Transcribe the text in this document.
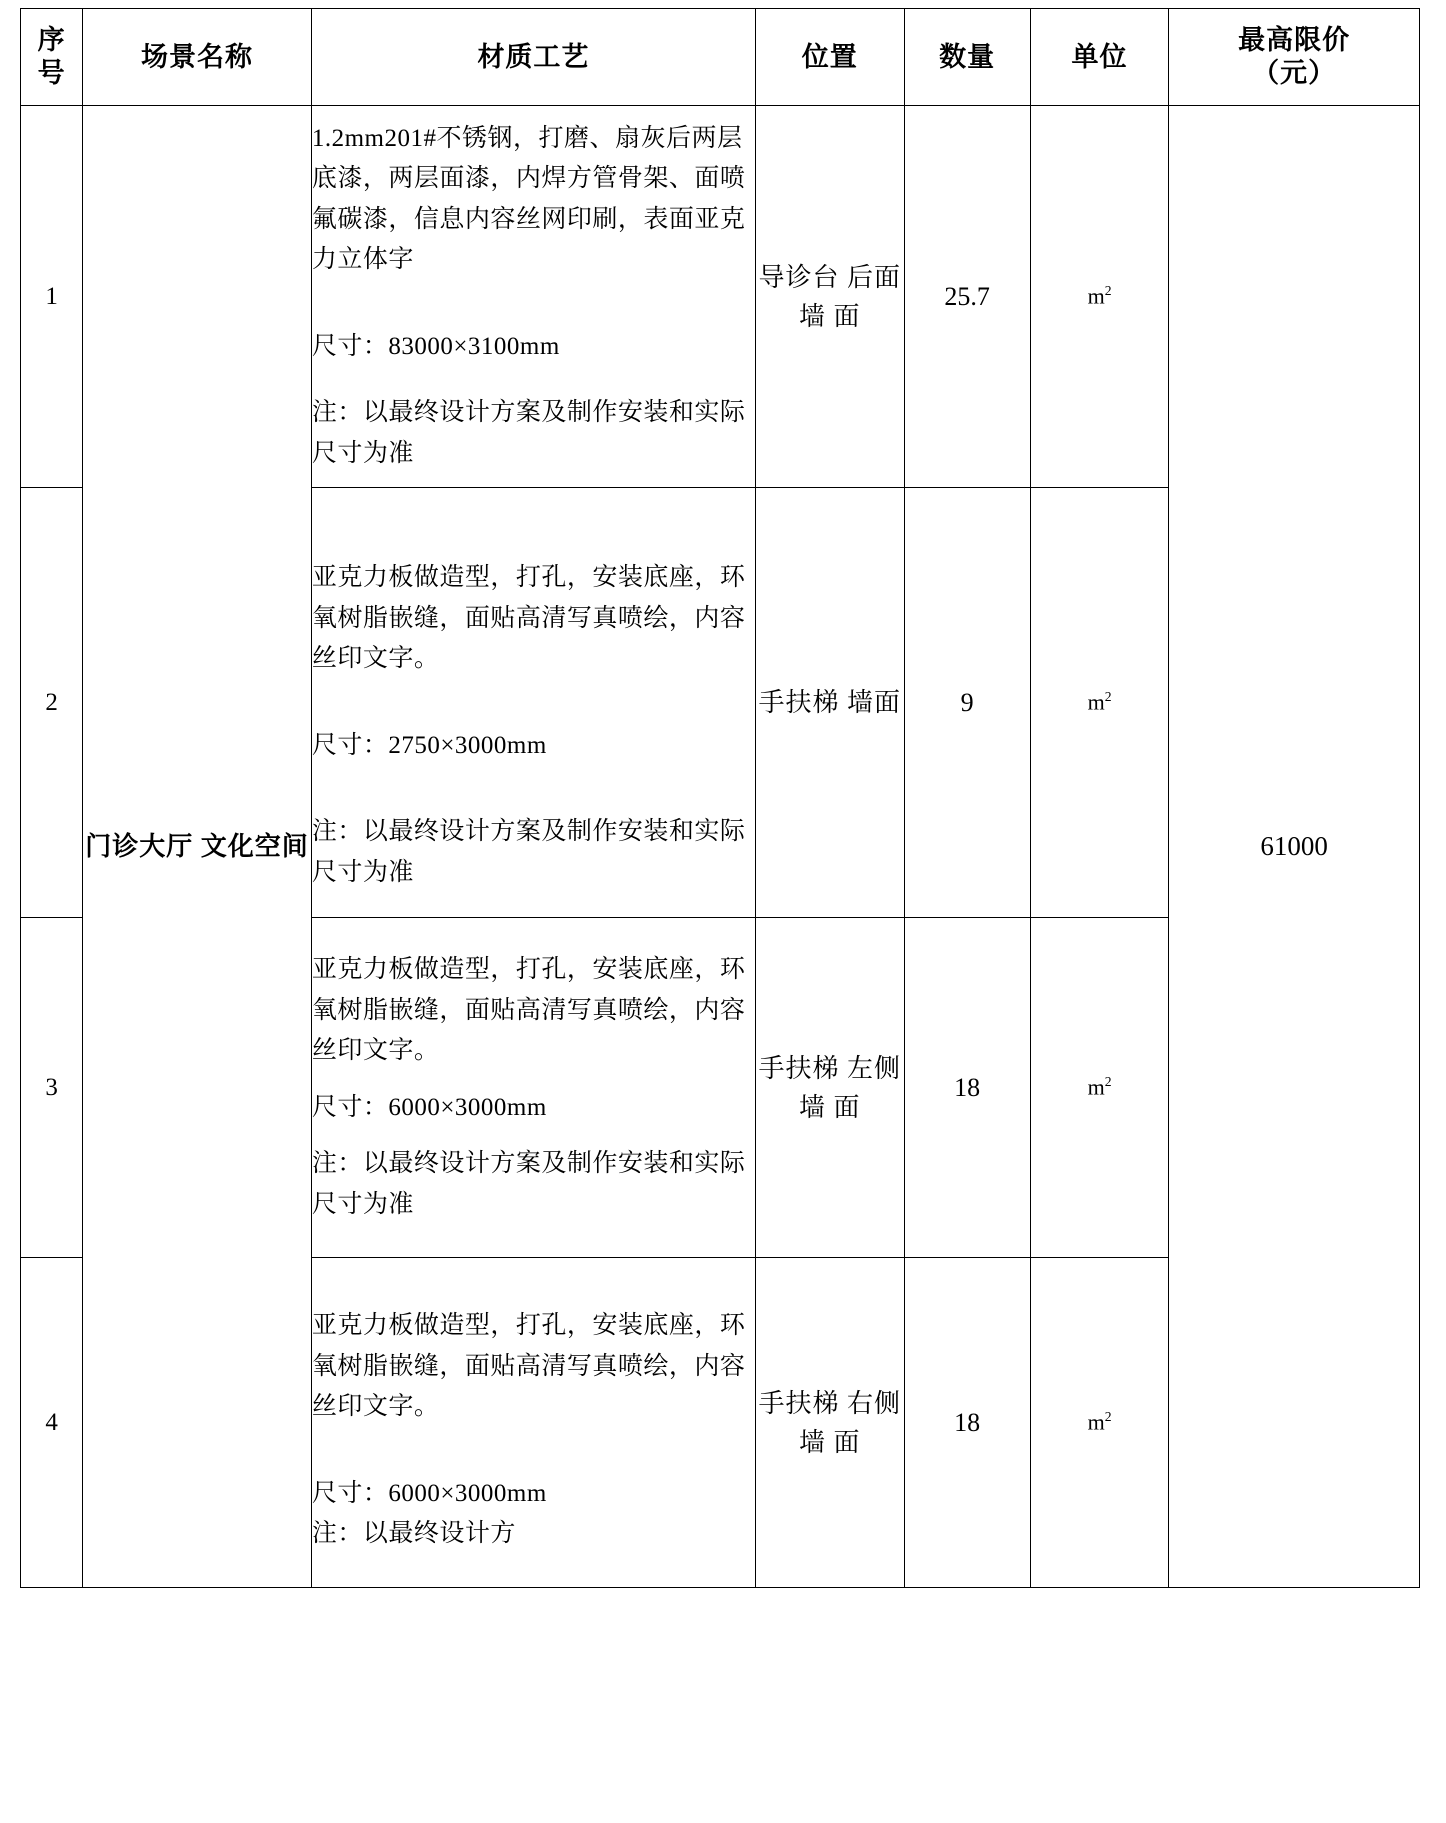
序
号	场景名称	材质工艺	位置	数量	单位	最高限价
（元）

1	门诊大厅 文化空间	1.2mm201#不锈钢，打磨、扇灰后两层底漆，两层面漆，内焊方管骨架、面喷氟碳漆，信息内容丝网印刷，表面亚克力立体字

尺寸：83000×3100mm

注：以最终设计方案及制作安装和实际尺寸为准	导诊台 后面墙 面	25.7	$m^2$	61000
2		亚克力板做造型，打孔，安装底座，环氧树脂嵌缝，面贴高清写真喷绘，内容丝印文字。

尺寸：2750×3000mm

注：以最终设计方案及制作安装和实际尺寸为准	手扶梯 墙面	9	$m^2$
3		亚克力板做造型，打孔，安装底座，环氧树脂嵌缝，面贴高清写真喷绘，内容丝印文字。

尺寸：6000×3000mm

注：以最终设计方案及制作安装和实际尺寸为准	手扶梯 左侧墙 面	18	$m^2$
4		亚克力板做造型，打孔，安装底座，环氧树脂嵌缝，面贴高清写真喷绘，内容丝印文字。

尺寸：6000×3000mm

注：以最终设计方	手扶梯 右侧墙 面	18	$m^2$
